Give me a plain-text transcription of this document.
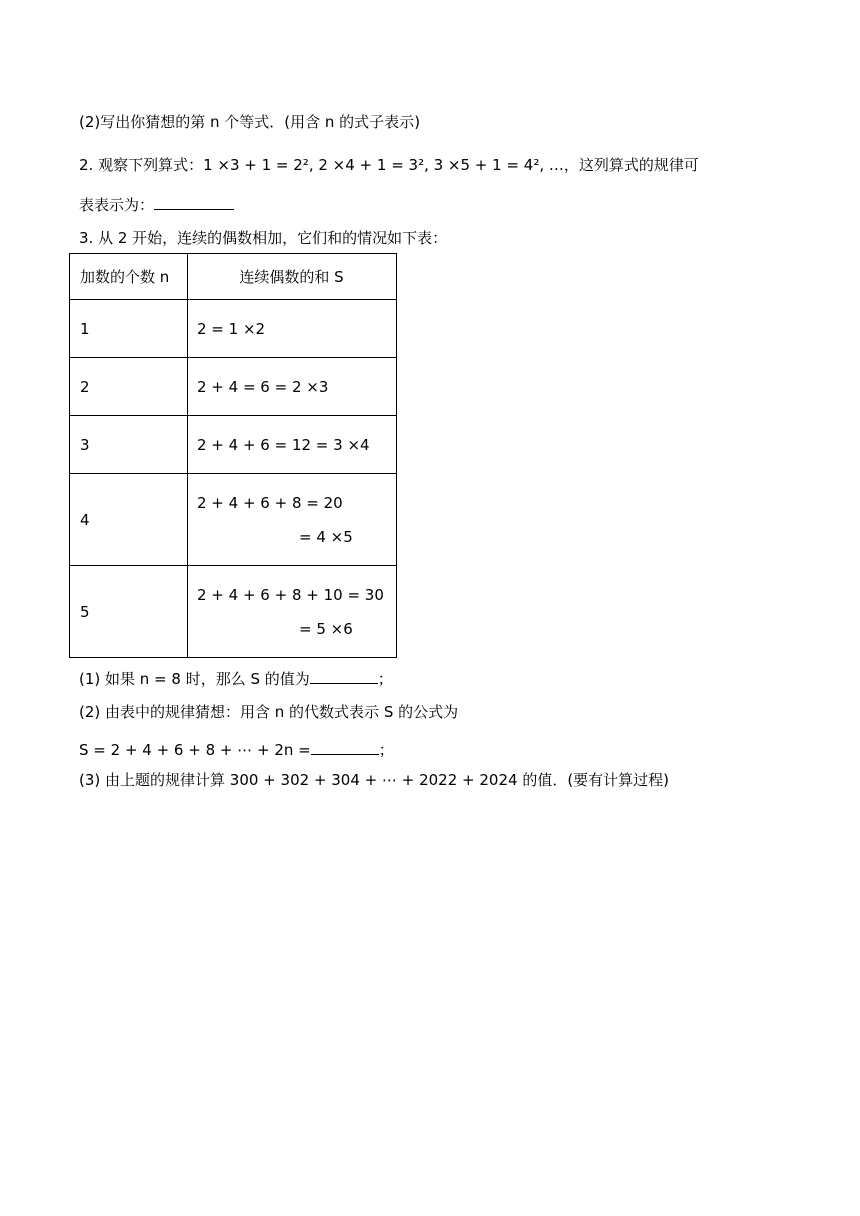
(2)写出你猜想的第 n 个等式．(用含 n 的式子表示)
2. 观察下列算式：1 ×3 + 1 = 2², 2 ×4 + 1 = 3², 3 ×5 + 1 = 4², …，这列算式的规律可
表表示为：
3. 从 2 开始，连续的偶数相加，它们和的情况如下表：
加数的个数 n	连续偶数的和 S
1	2 = 1 ×2
2	2 + 4 = 6 = 2 ×3
3	2 + 4 + 6 = 12 = 3 ×4
4	2 + 4 + 6 + 8 = 20
= 4 ×5

5	2 + 4 + 6 + 8 + 10 = 30
= 5 ×6
(1) 如果 n = 8 时，那么 S 的值为	；
(2) 由表中的规律猜想：用含 n 的代数式表示 S 的公式为
S = 2 + 4 + 6 + 8 + ⋯ + 2n =	；
(3) 由上题的规律计算 300 + 302 + 304 + ⋯ + 2022 + 2024 的值．(要有计算过程)
